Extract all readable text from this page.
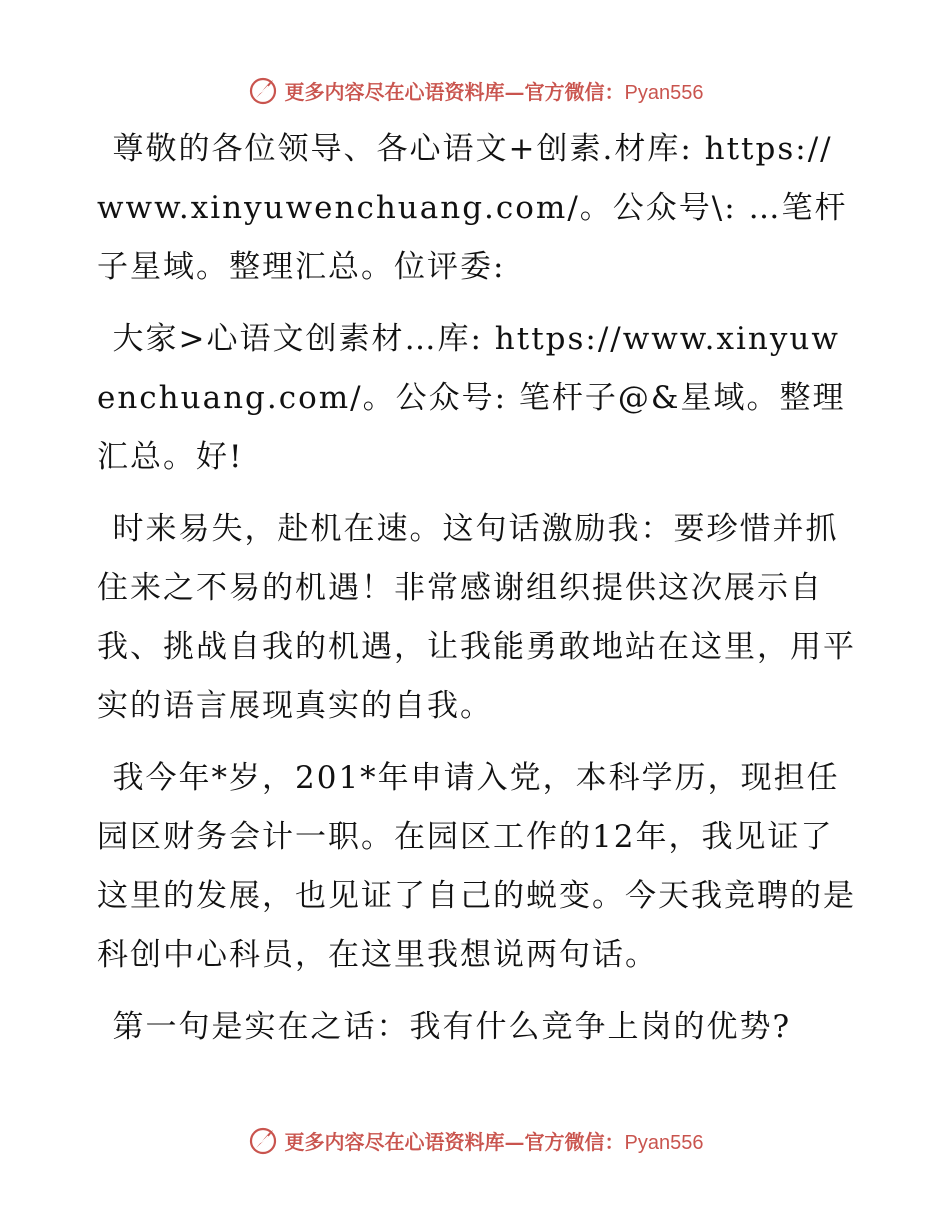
更多内容尽在心语资料库—官方微信：Pyan556

尊敬的各位领导、各心语文+创素.材库: https://www.xinyuwenchuang.com/。公众号\: …笔杆子星域。整理汇总。位评委:

大家>心语文创素材…库: https://www.xinyuwenchuang.com/。公众号: 笔杆子@&星域。整理汇总。好!

时来易失，赴机在速。这句话激励我：要珍惜并抓住来之不易的机遇！非常感谢组织提供这次展示自我、挑战自我的机遇，让我能勇敢地站在这里，用平实的语言展现真实的自我。

我今年*岁，201*年申请入党，本科学历，现担任园区财务会计一职。在园区工作的12年，我见证了这里的发展，也见证了自己的蜕变。今天我竞聘的是科创中心科员，在这里我想说两句话。

第一句是实在之话：我有什么竞争上岗的优势?

更多内容尽在心语资料库—官方微信：Pyan556
